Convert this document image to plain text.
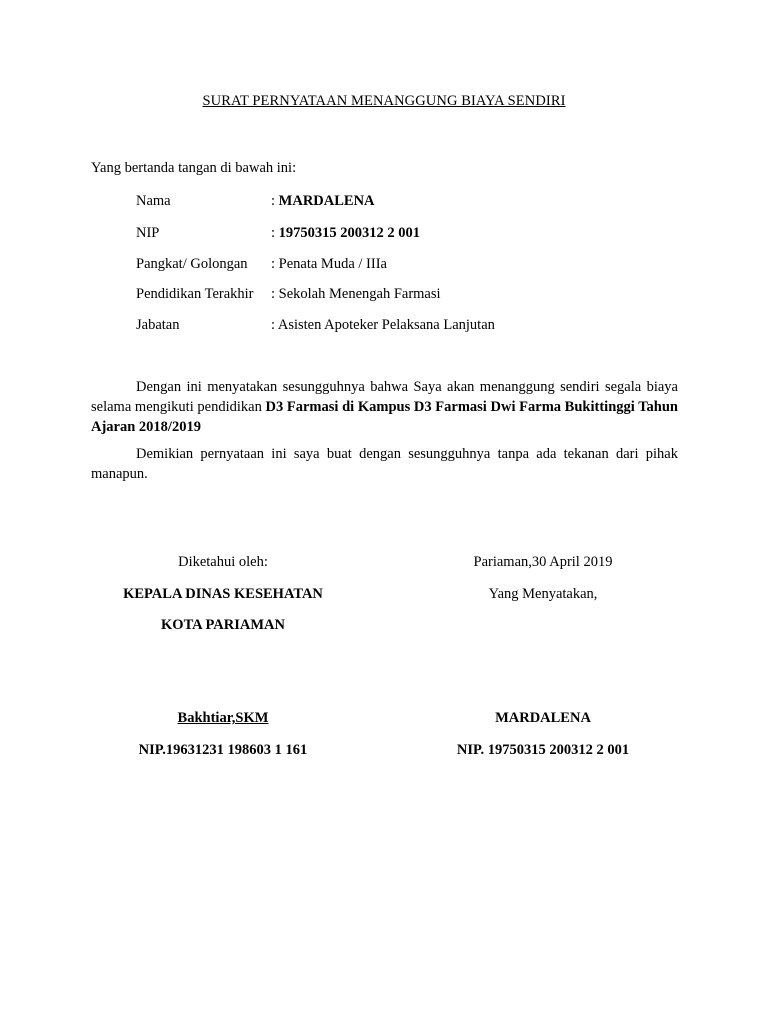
SURAT PERNYATAAN MENANGGUNG BIAYA SENDIRI
Yang bertanda tangan di bawah ini:
Nama	: MARDALENA
NIP	: 19750315 200312 2 001
Pangkat/ Golongan : Penata Muda / IIIa
Pendidikan Terakhir : Sekolah Menengah Farmasi
Jabatan	: Asisten Apoteker Pelaksana Lanjutan
Dengan ini menyatakan sesungguhnya bahwa Saya akan menanggung sendiri segala biaya selama mengikuti pendidikan D3 Farmasi di Kampus D3 Farmasi Dwi Farma Bukittinggi Tahun Ajaran 2018/2019
Demikian pernyataan ini saya buat dengan sesungguhnya tanpa ada tekanan dari pihak manapun.
Diketahui oleh:
KEPALA DINAS KESEHATAN
KOTA PARIAMAN
Bakhtiar,SKM
NIP.19631231 198603 1 161
Pariaman,30 April 2019
Yang Menyatakan,
MARDALENA
NIP. 19750315 200312 2 001
